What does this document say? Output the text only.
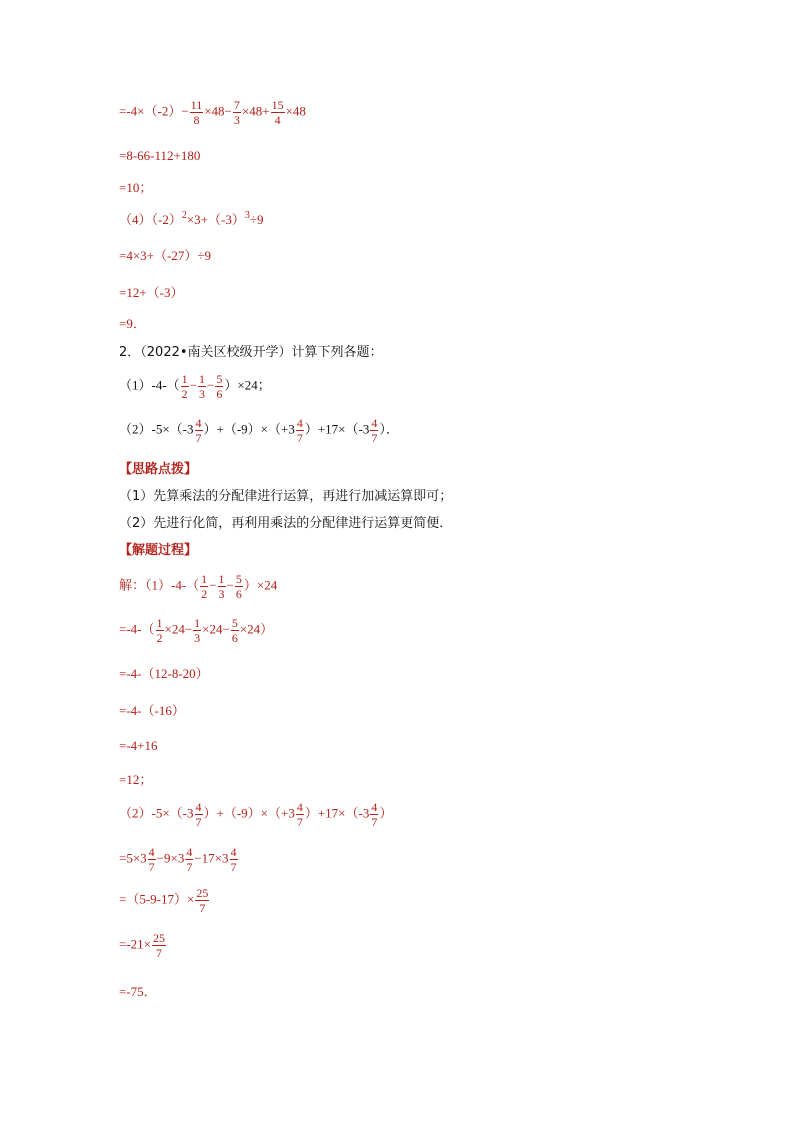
$=-4\times(-2)- \frac{11}{8} \times 48- \frac{7}{3} \times 48+ \frac{15}{4} \times 48$
=8-66-112+180
=10；
$(4)(-2)^2\times 3+(-3)^3\div 9$
=4×3+（-27）÷9
=12+（-3）
=9．
2．（2022•南关区校级开学）计算下列各题：
$(1)-4-( \frac{1}{2} - \frac{1}{3} - \frac{5}{6} )\times 24$；
$(2)-5\times(-3 \frac{4}{7} )+(-9)\times(+3 \frac{4}{7} )+17\times(-3 \frac{4}{7}$ ）．
【思路点拨】
（1）先算乘法的分配律进行运算，再进行加减运算即可；
（2）先进行化简，再利用乘法的分配律进行运算更简便．
【解题过程】
解：$(1)-4-( \frac{1}{2} - \frac{1}{3} - \frac{5}{6} )\times 24$
$=-4-( \frac{1}{2} \times 24- \frac{1}{3} \times 24- \frac{5}{6} \times 24)$
=-4-（12-8-20）
=-4-（-16）
=-4+16
=12；
$(2)-5\times(-3 \frac{4}{7} )+(-9)\times(+3 \frac{4}{7} )+17\times(-3 \frac{4}{7}$ ）
$=5\times 3 \frac{4}{7} -9\times 3 \frac{4}{7} -17\times 3 \frac{4}{7}$
$=(5-9-17)\times \frac{25}{7}$
$=-21\times \frac{25}{7}$
=-75．
